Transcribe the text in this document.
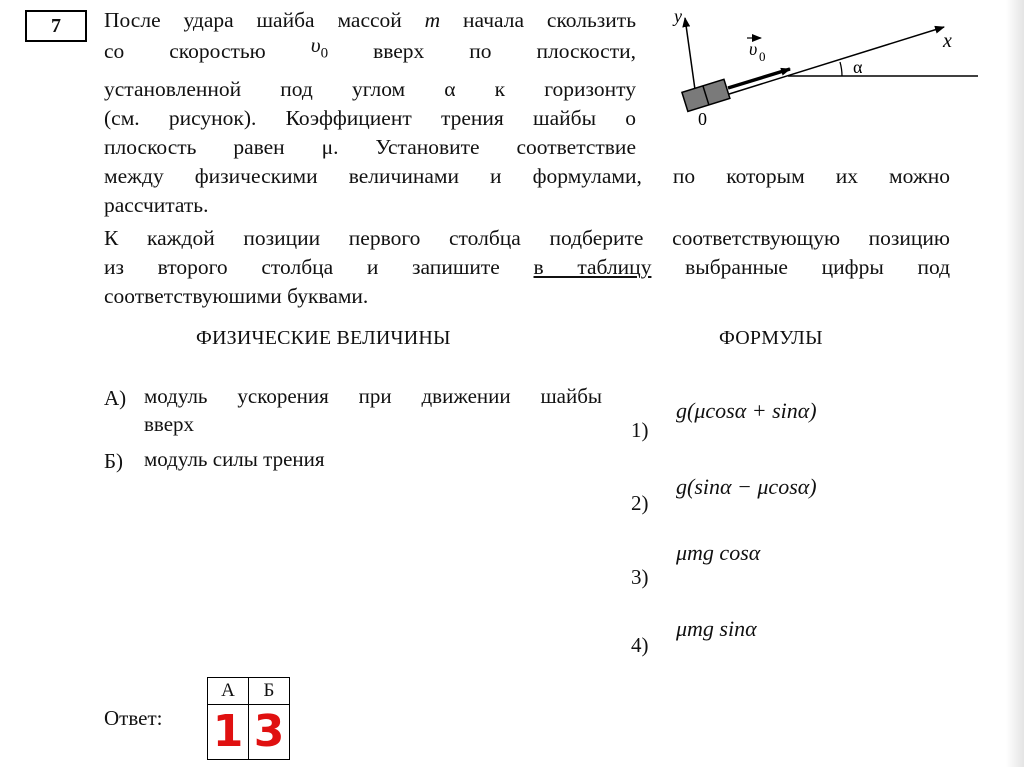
7	После удара шайба массой m начала скользить
со скоростью $\upsilon_0$ вверх по плоскости,
установленной под углом α к горизонту
(см. рисунок). Коэффициент трения шайбы о
плоскость равен μ. Установите соответствие
между физическими величинами и формулами, по которым их можно
рассчитать.
К каждой позиции первого столбца подберите соответствующую позицию
из второго столбца и запишите в таблицу выбранные цифры под
соответствуюшими буквами.
y
x
0
α
υ 0
ФИЗИЧЕСКИЕ ВЕЛИЧИНЫ	ФОРМУЛЫ
А) модуль ускорения при движении шайбы
вверх
Б) модуль силы трения
1)
g(μcosα + sinα)
2)
g(sinα − μcosα)
3)
μmg cosα
4)
μmg sinα
Ответ:
А	Б
1	3
